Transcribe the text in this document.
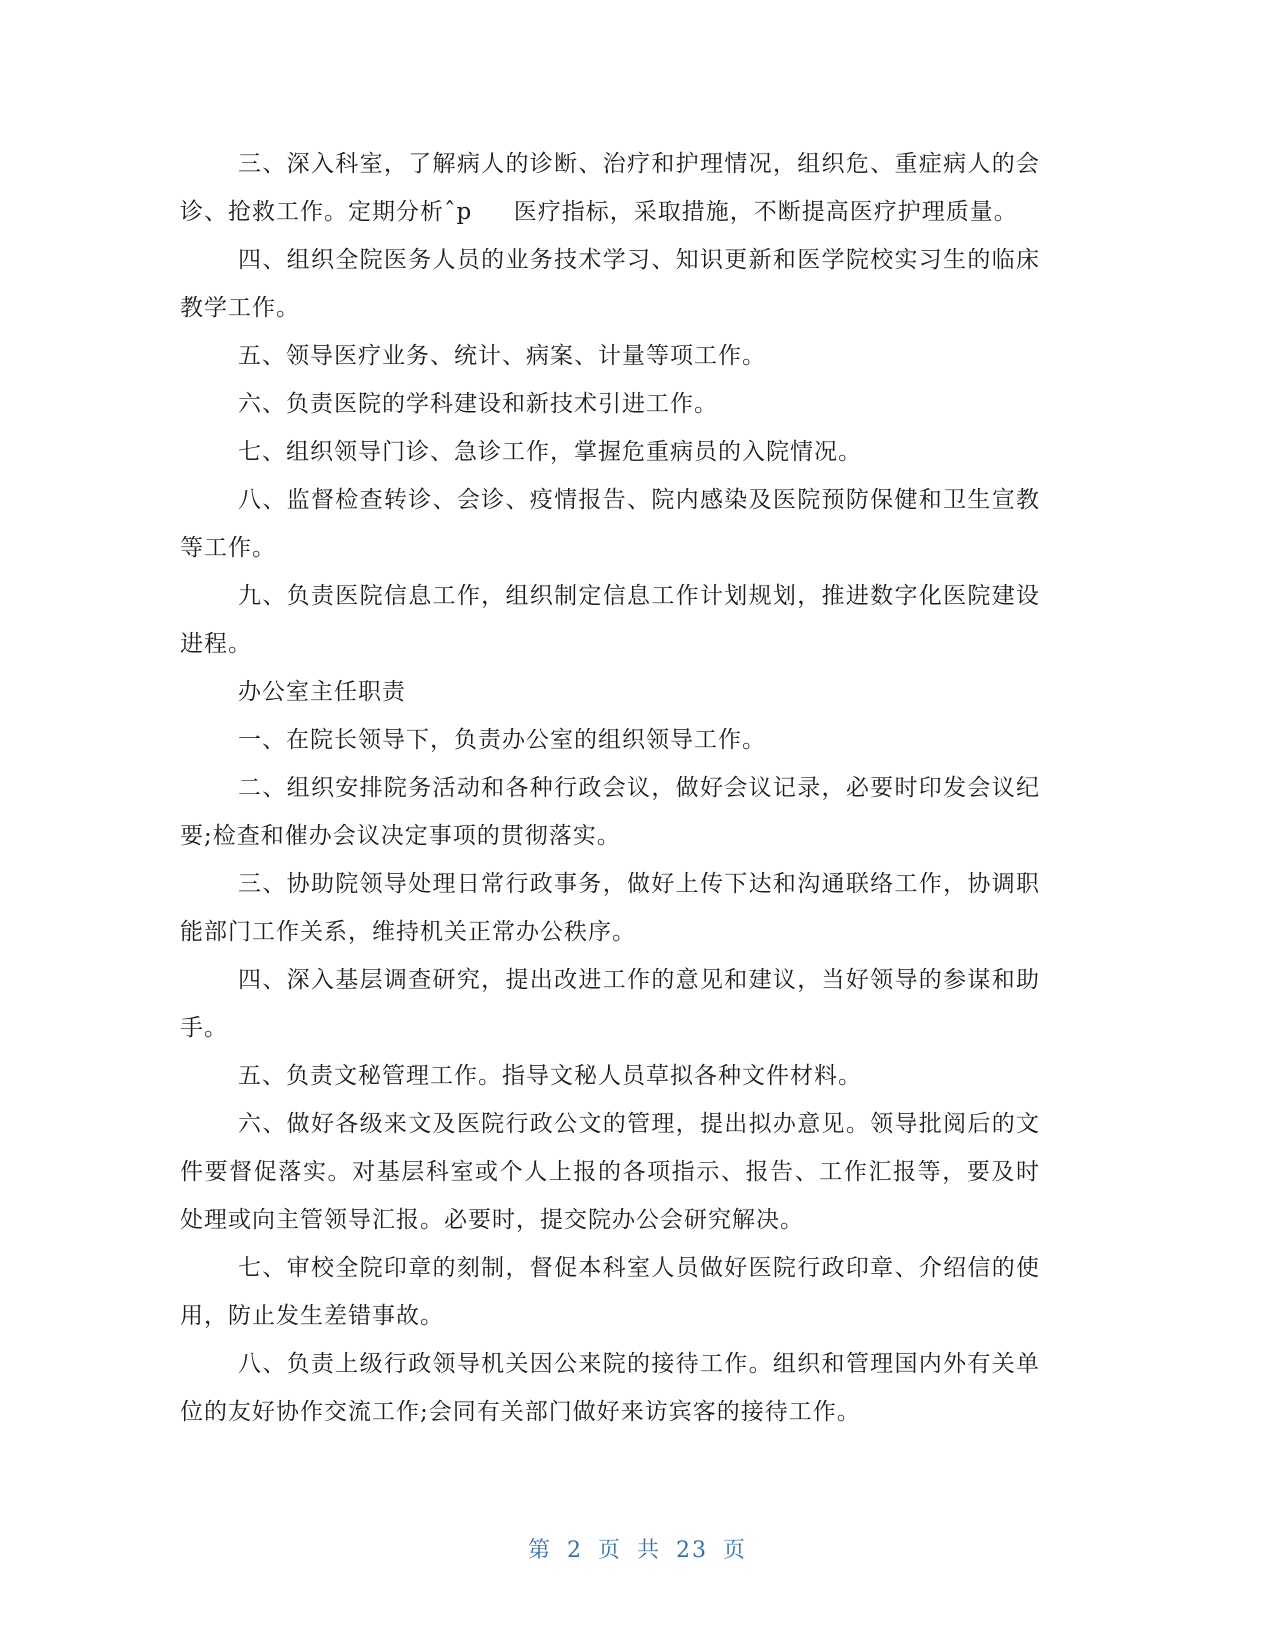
三、深入科室，了解病人的诊断、治疗和护理情况，组织危、重症病人的会诊、抢救工作。定期分析ˆp     医疗指标，采取措施，不断提高医疗护理质量。

四、组织全院医务人员的业务技术学习、知识更新和医学院校实习生的临床教学工作。

五、领导医疗业务、统计、病案、计量等项工作。

六、负责医院的学科建设和新技术引进工作。

七、组织领导门诊、急诊工作，掌握危重病员的入院情况。

八、监督检查转诊、会诊、疫情报告、院内感染及医院预防保健和卫生宣教等工作。

九、负责医院信息工作，组织制定信息工作计划规划，推进数字化医院建设进程。

办公室主任职责

一、在院长领导下，负责办公室的组织领导工作。

二、组织安排院务活动和各种行政会议，做好会议记录，必要时印发会议纪要;检查和催办会议决定事项的贯彻落实。

三、协助院领导处理日常行政事务，做好上传下达和沟通联络工作，协调职能部门工作关系，维持机关正常办公秩序。

四、深入基层调查研究，提出改进工作的意见和建议，当好领导的参谋和助手。

五、负责文秘管理工作。指导文秘人员草拟各种文件材料。

六、做好各级来文及医院行政公文的管理，提出拟办意见。领导批阅后的文件要督促落实。对基层科室或个人上报的各项指示、报告、工作汇报等，要及时处理或向主管领导汇报。必要时，提交院办公会研究解决。

七、审校全院印章的刻制，督促本科室人员做好医院行政印章、介绍信的使用，防止发生差错事故。

八、负责上级行政领导机关因公来院的接待工作。组织和管理国内外有关单位的友好协作交流工作;会同有关部门做好来访宾客的接待工作。

第 2 页 共 23 页
